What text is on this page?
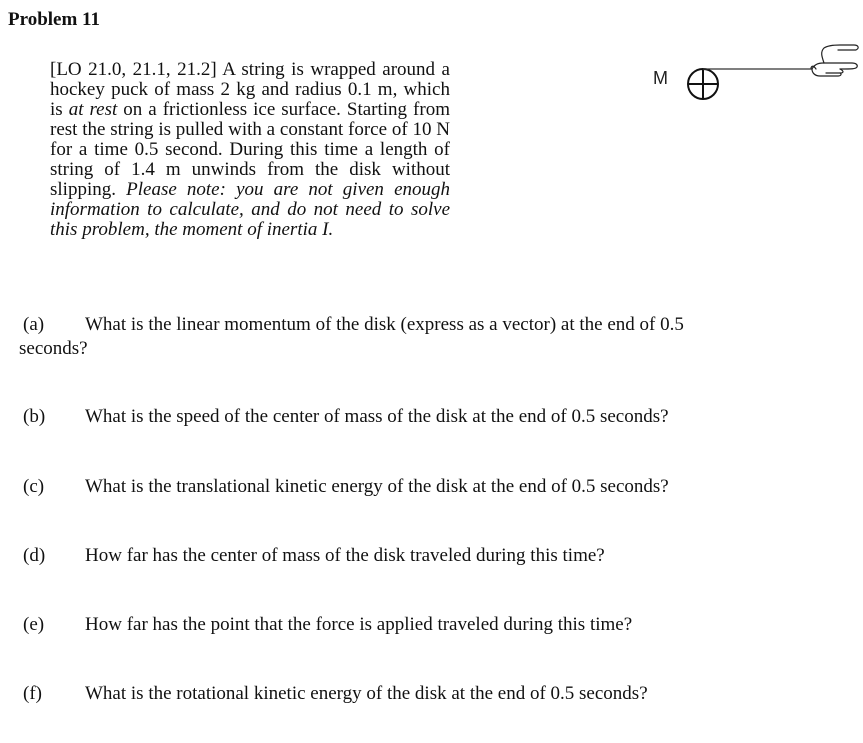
Problem 11
[LO 21.0, 21.1, 21.2] A string is wrapped around a hockey puck of mass 2 kg and radius 0.1 m, which is at rest on a frictionless ice surface. Starting from rest the string is pulled with a constant force of 10 N for a time 0.5 second. During this time a length of string of 1.4 m unwinds from the disk without slipping. Please note: you are not given enough information to calculate, and do not need to solve this problem, the moment of inertia I.
M
(a) What is the linear momentum of the disk (express as a vector) at the end of 0.5
seconds?
(b) What is the speed of the center of mass of the disk at the end of 0.5 seconds?
(c) What is the translational kinetic energy of the disk at the end of 0.5 seconds?
(d) How far has the center of mass of the disk traveled during this time?
(e) How far has the point that the force is applied traveled during this time?
(f) What is the rotational kinetic energy of the disk at the end of 0.5 seconds?
